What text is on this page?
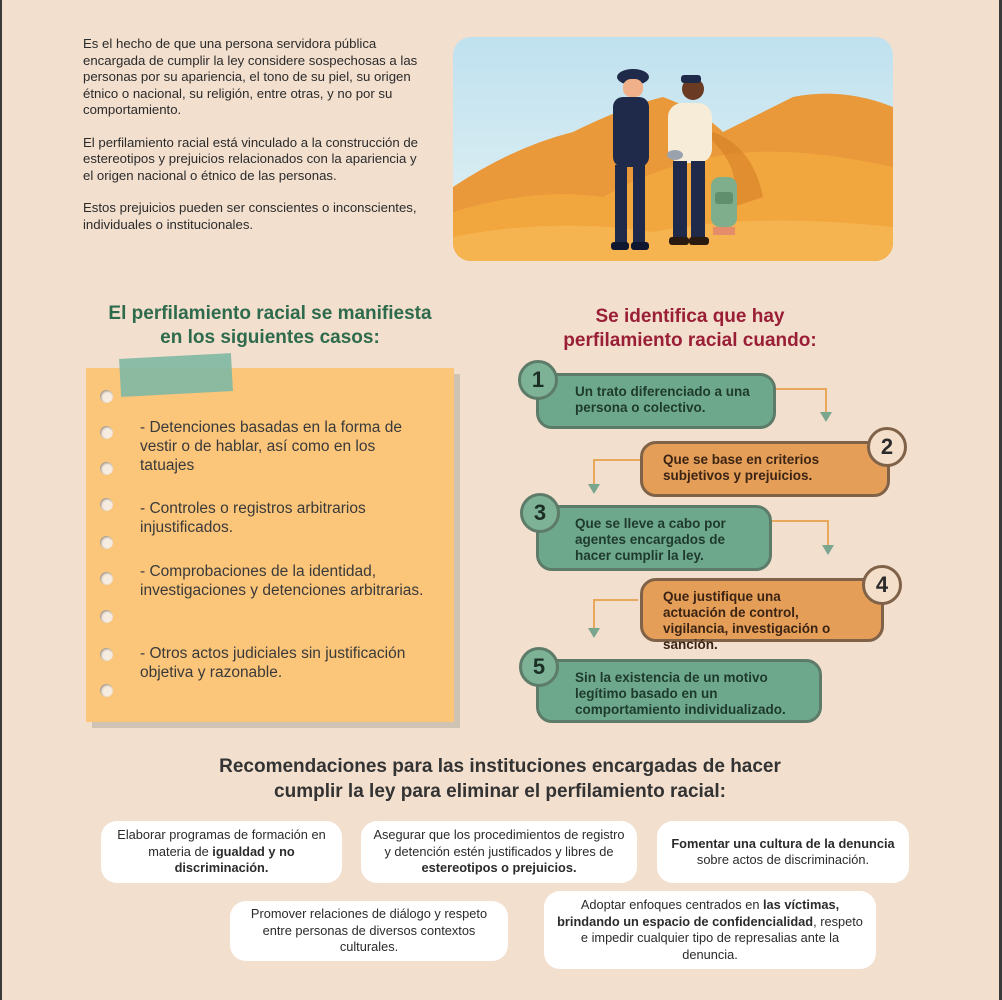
Es el hecho de que una persona servidora pública encargada de cumplir la ley considere sospechosas a las personas por su apariencia, el tono de su piel, su origen étnico o nacional, su religión, entre otras, y no por su comportamiento.

El perfilamiento racial está vinculado a la construcción de estereotipos y prejuicios relacionados con la apariencia y el origen nacional o étnico de las personas.

Estos prejuicios pueden ser conscientes o inconscientes, individuales o institucionales.

El perfilamiento racial se manifiesta
en los siguientes casos:
Se identifica que hay
perfilamiento racial cuando:
- Detenciones basadas en la forma de vestir o de hablar, así como en los tatuajes
- Controles o registros arbitrarios injustificados.
- Comprobaciones de la identidad, investigaciones y detenciones arbitrarias.
- Otros actos judiciales sin justificación objetiva y razonable.
Un trato diferenciado a una persona o colectivo.
1
Que se base en criterios subjetivos y prejuicios.
2
Que se lleve a cabo por agentes encargados de hacer cumplir la ley.
3
Que justifique una actuación de control, vigilancia, investigación o sanción.
4
Sin la existencia de un motivo legítimo basado en un comportamiento individualizado.
5
Recomendaciones para las instituciones encargadas de hacer
cumplir la ley para eliminar el perfilamiento racial:
Elaborar programas de formación en materia de igualdad y no discriminación.
Asegurar que los procedimientos de registro y detención estén justificados y libres de estereotipos o prejuicios.
Fomentar una cultura de la denuncia sobre actos de discriminación.
Promover relaciones de diálogo y respeto entre personas de diversos contextos culturales.
Adoptar enfoques centrados en las víctimas, brindando un espacio de confidencialidad, respeto e impedir cualquier tipo de represalias ante la denuncia.
